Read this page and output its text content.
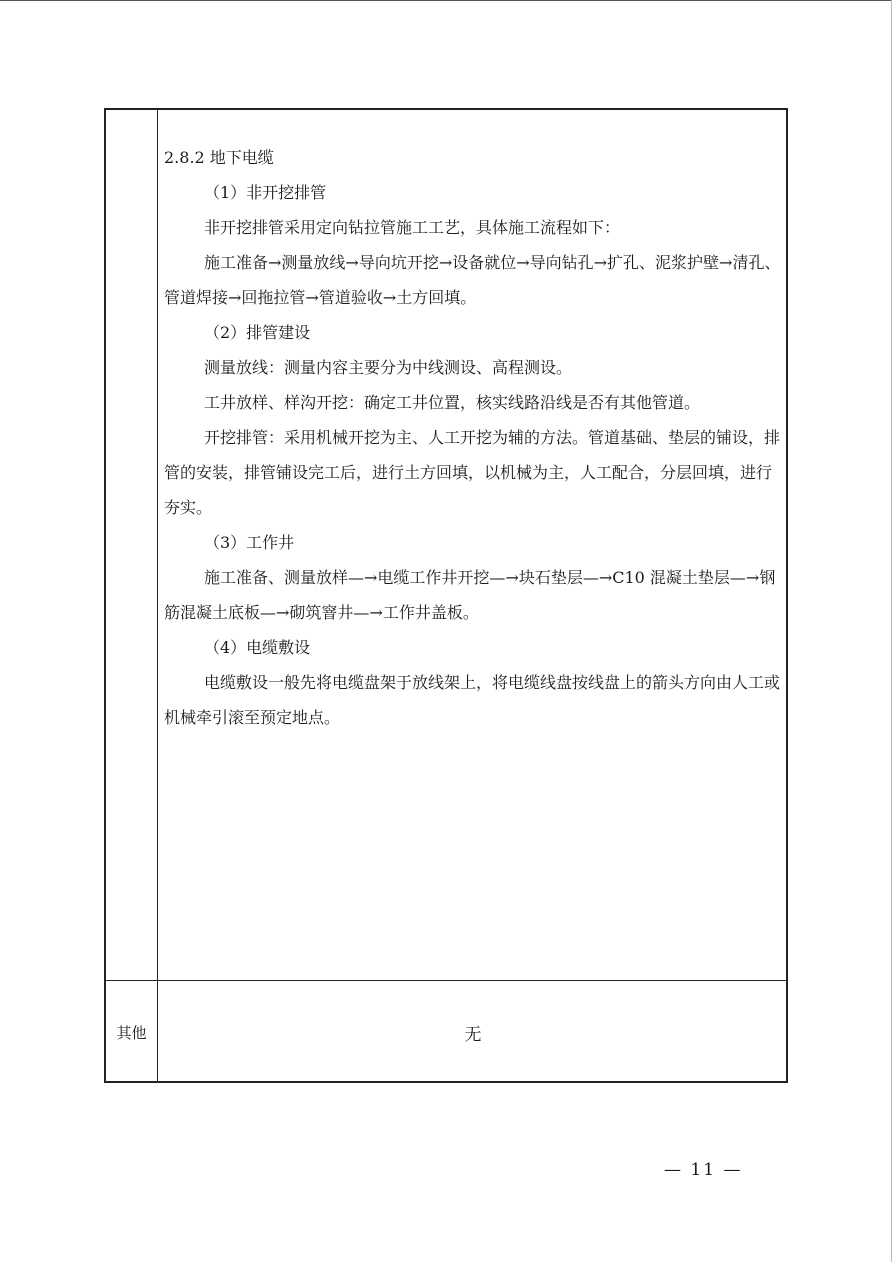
2.8.2 地下电缆

（1）非开挖排管

非开挖排管采用定向钻拉管施工工艺，具体施工流程如下：

施工准备→测量放线→导向坑开挖→设备就位→导向钻孔→扩孔、泥浆护壁→清孔、管道焊接→回拖拉管→管道验收→土方回填。

（2）排管建设

测量放线：测量内容主要分为中线测设、高程测设。

工井放样、样沟开挖：确定工井位置，核实线路沿线是否有其他管道。

开挖排管：采用机械开挖为主、人工开挖为辅的方法。管道基础、垫层的铺设，排管的安装，排管铺设完工后，进行土方回填，以机械为主，人工配合，分层回填，进行夯实。

（3）工作井

施工准备、测量放样—→电缆工作井开挖—→块石垫层—→C10 混凝土垫层—→钢筋混凝土底板—→砌筑窨井—→工作井盖板。

（4）电缆敷设

电缆敷设一般先将电缆盘架于放线架上，将电缆线盘按线盘上的箭头方向由人工或机械牵引滚至预定地点。

其他	无
— 11 —
